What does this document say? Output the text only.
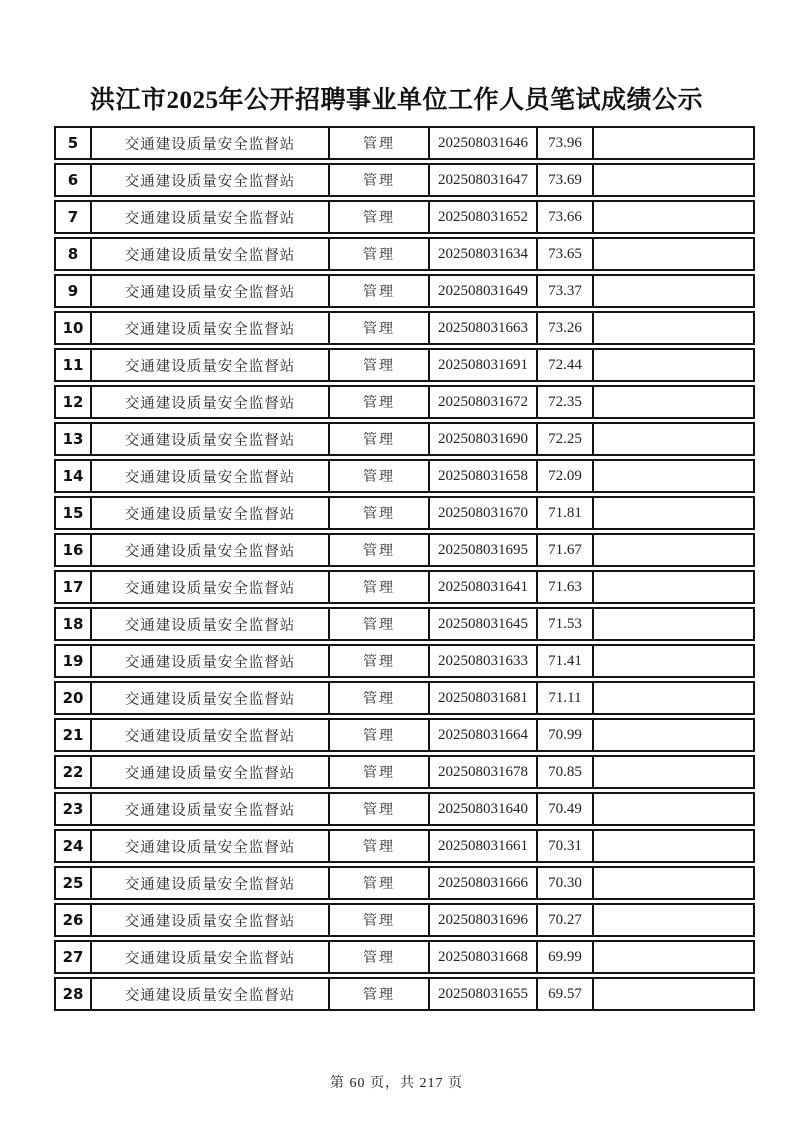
洪江市2025年公开招聘事业单位工作人员笔试成绩公示
5	交通建设质量安全监督站	管理	202508031646	73.96	
6	交通建设质量安全监督站	管理	202508031647	73.69	
7	交通建设质量安全监督站	管理	202508031652	73.66	
8	交通建设质量安全监督站	管理	202508031634	73.65	
9	交通建设质量安全监督站	管理	202508031649	73.37	
10	交通建设质量安全监督站	管理	202508031663	73.26	
11	交通建设质量安全监督站	管理	202508031691	72.44	
12	交通建设质量安全监督站	管理	202508031672	72.35	
13	交通建设质量安全监督站	管理	202508031690	72.25	
14	交通建设质量安全监督站	管理	202508031658	72.09	
15	交通建设质量安全监督站	管理	202508031670	71.81	
16	交通建设质量安全监督站	管理	202508031695	71.67	
17	交通建设质量安全监督站	管理	202508031641	71.63	
18	交通建设质量安全监督站	管理	202508031645	71.53	
19	交通建设质量安全监督站	管理	202508031633	71.41	
20	交通建设质量安全监督站	管理	202508031681	71.11	
21	交通建设质量安全监督站	管理	202508031664	70.99	
22	交通建设质量安全监督站	管理	202508031678	70.85	
23	交通建设质量安全监督站	管理	202508031640	70.49	
24	交通建设质量安全监督站	管理	202508031661	70.31	
25	交通建设质量安全监督站	管理	202508031666	70.30	
26	交通建设质量安全监督站	管理	202508031696	70.27	
27	交通建设质量安全监督站	管理	202508031668	69.99	
28	交通建设质量安全监督站	管理	202508031655	69.57	
第 60 页，共 217 页
